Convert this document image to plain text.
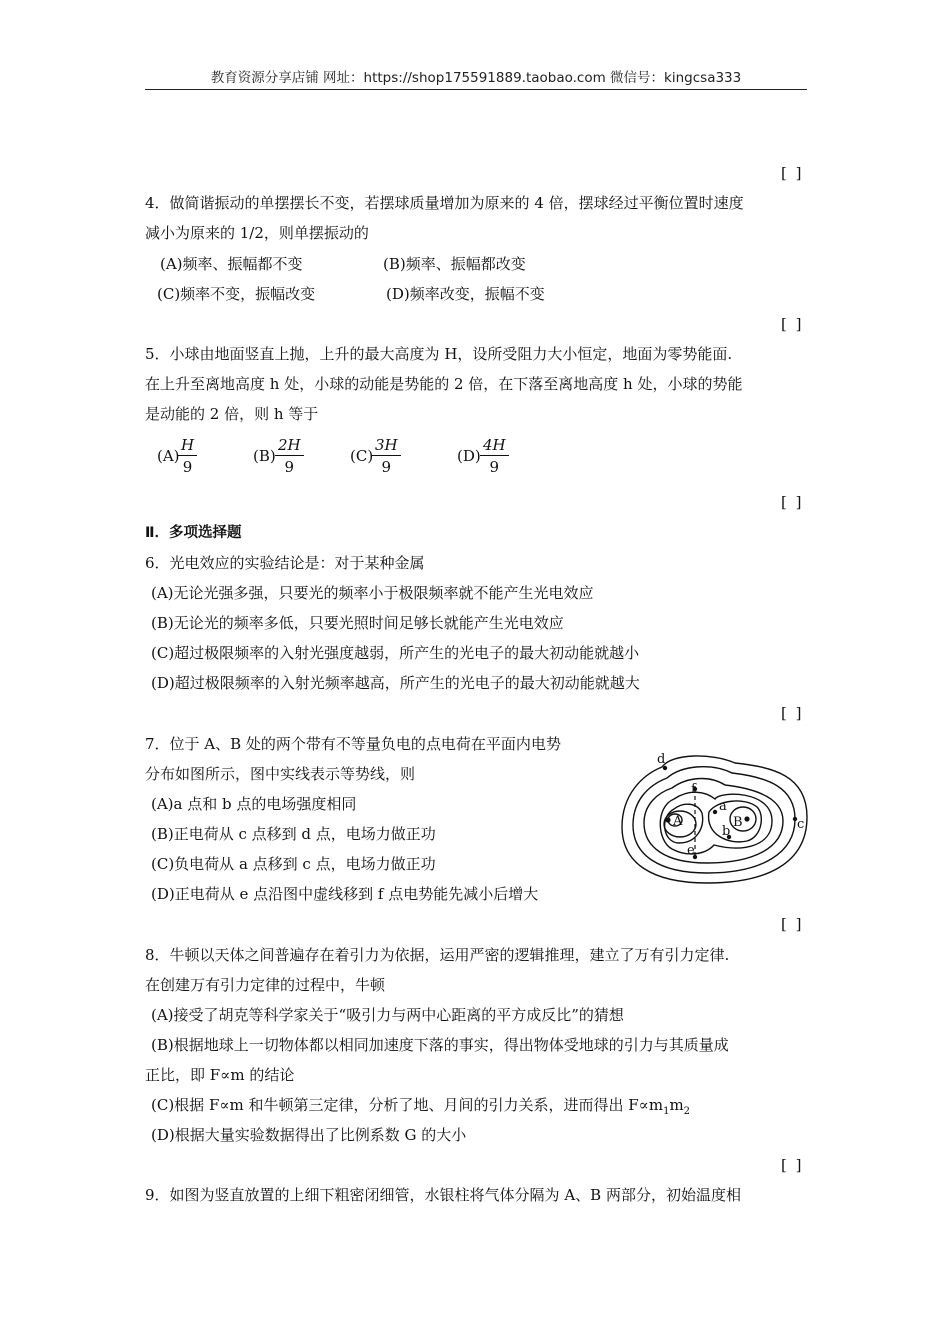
教育资源分享店铺 网址：https://shop175591889.taobao.com 微信号：kingcsa333
[ ]
4．做简谐振动的单摆摆长不变，若摆球质量增加为原来的 4 倍，摆球经过平衡位置时速度
减小为原来的 1/2，则单摆振动的
(A)频率、振幅都不变	(B)频率、振幅都改变
(C)频率不变，振幅改变	(D)频率改变，振幅不变
[ ]
5．小球由地面竖直上抛，上升的最大高度为 H，设所受阻力大小恒定，地面为零势能面.
在上升至离地高度 h 处，小球的动能是势能的 2 倍，在下落至离地高度 h 处，小球的势能
是动能的 2 倍，则 h 等于
(A)
$\frac{H}{9}$	$(B) \frac{2H}{9}$	(C)
$\frac{3H}{9}$	$(D) \frac{4H}{9}$
[ ]
Ⅱ．多项选择题
6．光电效应的实验结论是：对于某种金属
(A)无论光强多强，只要光的频率小于极限频率就不能产生光电效应
(B)无论光的频率多低，只要光照时间足够长就能产生光电效应
(C)超过极限频率的入射光强度越弱，所产生的光电子的最大初动能就越小
(D)超过极限频率的入射光频率越高，所产生的光电子的最大初动能就越大
[ ]
7．位于 A、B 处的两个带有不等量负电的点电荷在平面内电势
分布如图所示，图中实线表示等势线，则
(A)a 点和 b 点的电场强度相同
(B)正电荷从 c 点移到 d 点，电场力做正功
(C)负电荷从 a 点移到 c 点，电场力做正功
(D)正电荷从 e 点沿图中虚线移到 f 点电势能先减小后增大
A	B
a
b	c
d
e
f
[ ]
8．牛顿以天体之间普遍存在着引力为依据，运用严密的逻辑推理，建立了万有引力定律.
在创建万有引力定律的过程中，牛顿
(A)接受了胡克等科学家关于“吸引力与两中心距离的平方成反比”的猜想
(B)根据地球上一切物体都以相同加速度下落的事实，得出物体受地球的引力与其质量成
正比，即 F∝m 的结论
(C)根据 F∝m 和牛顿第三定律，分析了地、月间的引力关系，进而得出 $F\propto m_1m_2$
(D)根据大量实验数据得出了比例系数 G 的大小
[ ]
9．如图为竖直放置的上细下粗密闭细管，水银柱将气体分隔为 A、B 两部分，初始温度相
